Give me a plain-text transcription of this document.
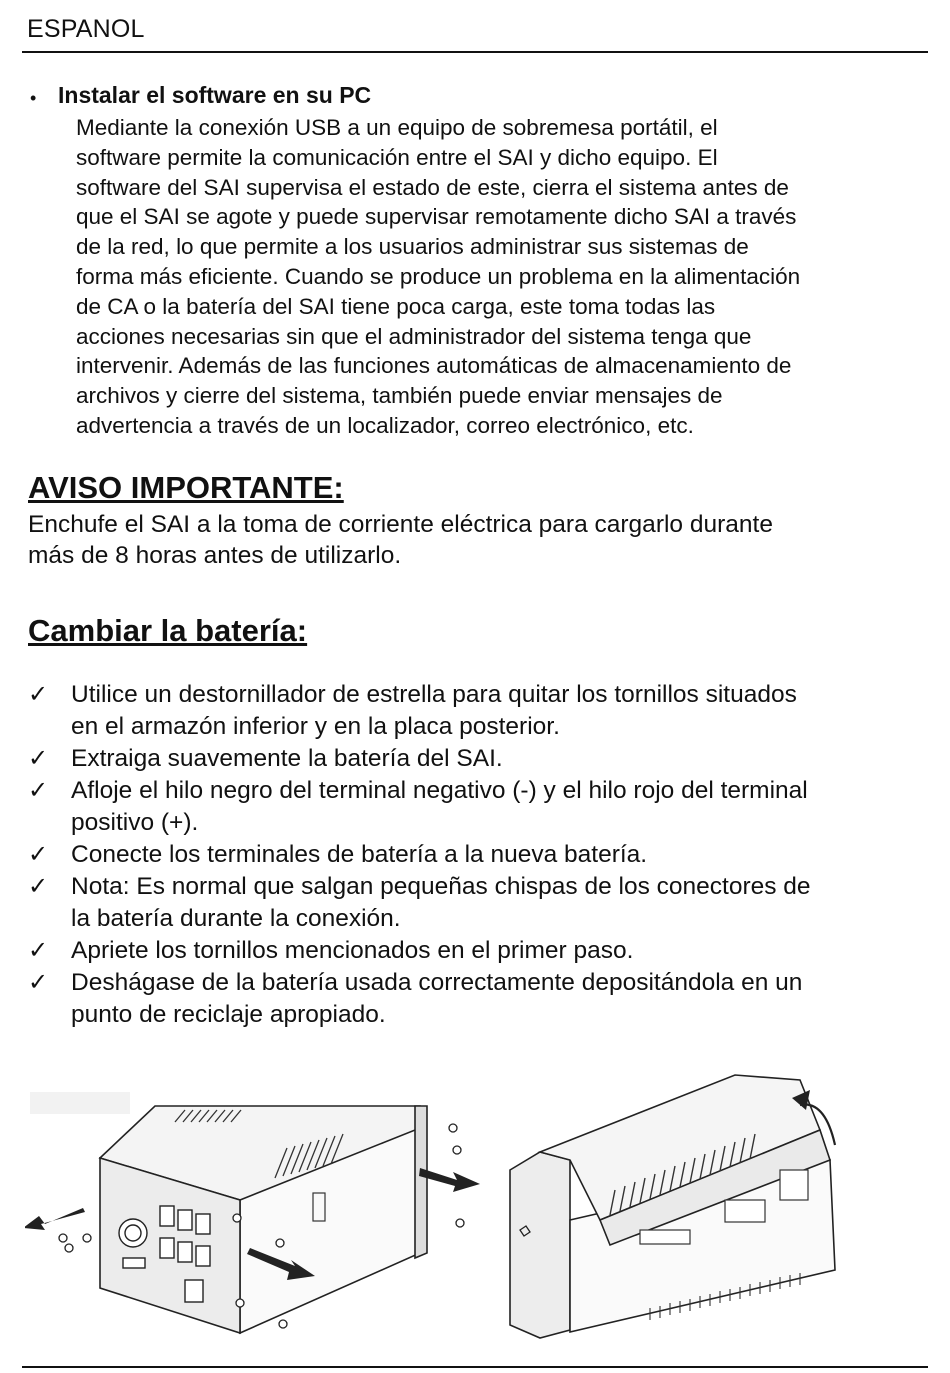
ESPANOL
• Instalar el software en su PC
Mediante la conexión USB a un equipo de sobremesa portátil, el
software permite la comunicación entre el SAI y dicho equipo. El
software del SAI supervisa el estado de este, cierra el sistema antes de
que el SAI se agote y puede supervisar remotamente dicho SAI a través
de la red, lo que permite a los usuarios administrar sus sistemas de
forma más eficiente. Cuando se produce un problema en la alimentación
de CA o la batería del SAI tiene poca carga, este toma todas las
acciones necesarias sin que el administrador del sistema tenga que
intervenir. Además de las funciones automáticas de almacenamiento de
archivos y cierre del sistema, también puede enviar mensajes de
advertencia a través de un localizador, correo electrónico, etc.
AVISO IMPORTANTE:
Enchufe el SAI a la toma de corriente eléctrica para cargarlo durante
más de 8 horas antes de utilizarlo.
Cambiar la batería:
✓ Utilice un destornillador de estrella para quitar los tornillos situados
en el armazón inferior y en la placa posterior.
✓ Extraiga suavemente la batería del SAI.
✓ Afloje el hilo negro del terminal negativo (-) y el hilo rojo del terminal
positivo (+).
✓ Conecte los terminales de batería a la nueva batería.
✓ Nota: Es normal que salgan pequeñas chispas de los conectores de
la batería durante la conexión.
✓ Apriete los tornillos mencionados en el primer paso.
✓ Deshágase de la batería usada correctamente depositándola en un
punto de reciclaje apropiado.
